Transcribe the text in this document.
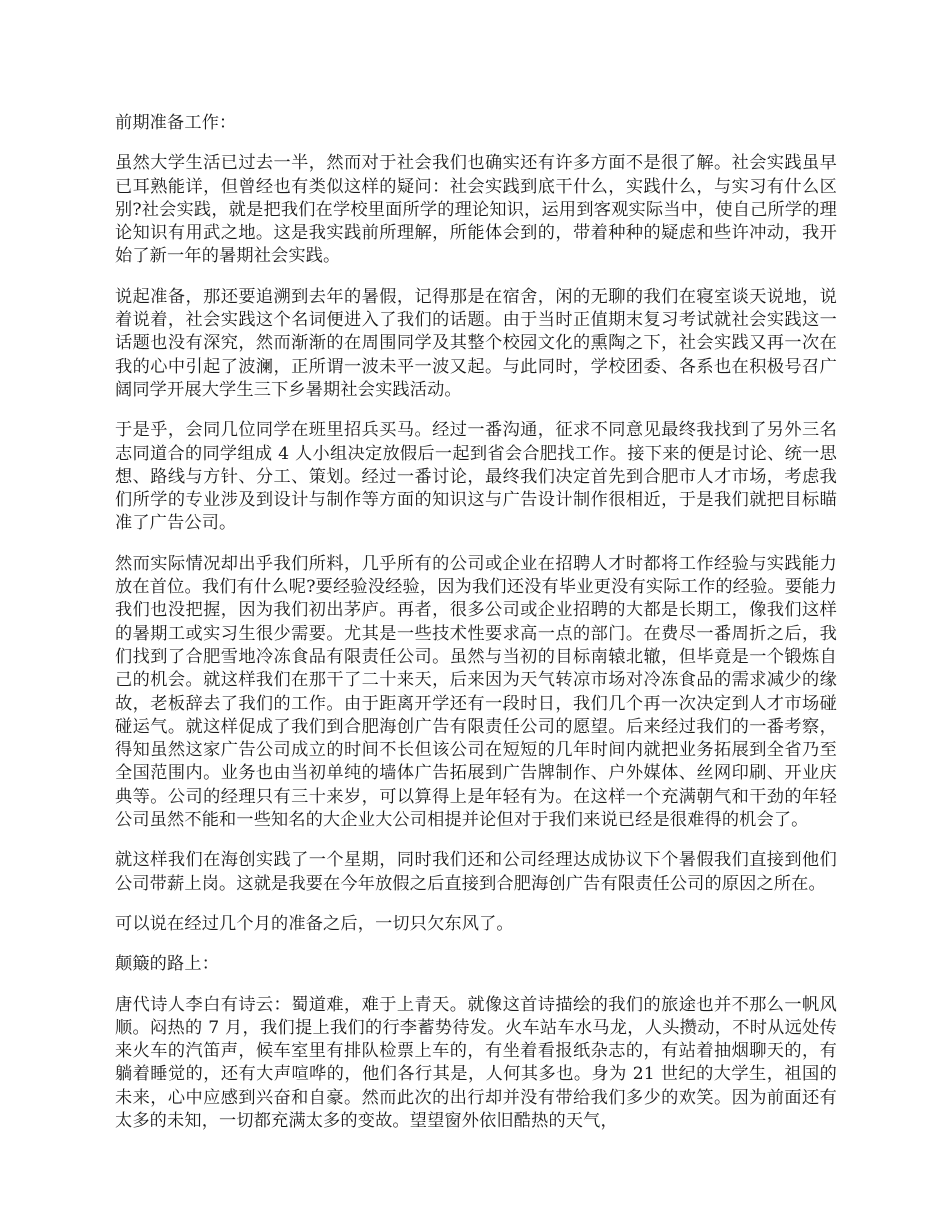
前期准备工作：

虽然大学生活已过去一半，然而对于社会我们也确实还有许多方面不是很了解。社会实践虽早已耳熟能详，但曾经也有类似这样的疑问：社会实践到底干什么，实践什么，与实习有什么区别?社会实践，就是把我们在学校里面所学的理论知识，运用到客观实际当中，使自己所学的理论知识有用武之地。这是我实践前所理解，所能体会到的，带着种种的疑虑和些许冲动，我开始了新一年的暑期社会实践。

说起准备，那还要追溯到去年的暑假，记得那是在宿舍，闲的无聊的我们在寝室谈天说地，说着说着，社会实践这个名词便进入了我们的话题。由于当时正值期末复习考试就社会实践这一话题也没有深究，然而渐渐的在周围同学及其整个校园文化的熏陶之下，社会实践又再一次在我的心中引起了波澜，正所谓一波未平一波又起。与此同时，学校团委、各系也在积极号召广阔同学开展大学生三下乡暑期社会实践活动。

于是乎，会同几位同学在班里招兵买马。经过一番沟通，征求不同意见最终我找到了另外三名志同道合的同学组成 4 人小组决定放假后一起到省会合肥找工作。接下来的便是讨论、统一思想、路线与方针、分工、策划。经过一番讨论，最终我们决定首先到合肥市人才市场，考虑我们所学的专业涉及到设计与制作等方面的知识这与广告设计制作很相近，于是我们就把目标瞄准了广告公司。

然而实际情况却出乎我们所料，几乎所有的公司或企业在招聘人才时都将工作经验与实践能力放在首位。我们有什么呢?要经验没经验，因为我们还没有毕业更没有实际工作的经验。要能力我们也没把握，因为我们初出茅庐。再者，很多公司或企业招聘的大都是长期工，像我们这样的暑期工或实习生很少需要。尤其是一些技术性要求高一点的部门。在费尽一番周折之后，我们找到了合肥雪地冷冻食品有限责任公司。虽然与当初的目标南辕北辙，但毕竟是一个锻炼自己的机会。就这样我们在那干了二十来天，后来因为天气转凉市场对冷冻食品的需求减少的缘故，老板辞去了我们的工作。由于距离开学还有一段时日，我们几个再一次决定到人才市场碰碰运气。就这样促成了我们到合肥海创广告有限责任公司的愿望。后来经过我们的一番考察，得知虽然这家广告公司成立的时间不长但该公司在短短的几年时间内就把业务拓展到全省乃至全国范围内。业务也由当初单纯的墙体广告拓展到广告牌制作、户外媒体、丝网印刷、开业庆典等。公司的经理只有三十来岁，可以算得上是年轻有为。在这样一个充满朝气和干劲的年轻公司虽然不能和一些知名的大企业大公司相提并论但对于我们来说已经是很难得的机会了。

就这样我们在海创实践了一个星期，同时我们还和公司经理达成协议下个暑假我们直接到他们公司带薪上岗。这就是我要在今年放假之后直接到合肥海创广告有限责任公司的原因之所在。

可以说在经过几个月的准备之后，一切只欠东风了。

颠簸的路上：

唐代诗人李白有诗云：蜀道难，难于上青天。就像这首诗描绘的我们的旅途也并不那么一帆风顺。闷热的 7 月，我们提上我们的行李蓄势待发。火车站车水马龙，人头攒动，不时从远处传来火车的汽笛声，候车室里有排队检票上车的，有坐着看报纸杂志的，有站着抽烟聊天的，有躺着睡觉的，还有大声喧哗的，他们各行其是，人何其多也。身为 21 世纪的大学生，祖国的未来，心中应感到兴奋和自豪。然而此次的出行却并没有带给我们多少的欢笑。因为前面还有太多的未知，一切都充满太多的变故。望望窗外依旧酷热的天气，
